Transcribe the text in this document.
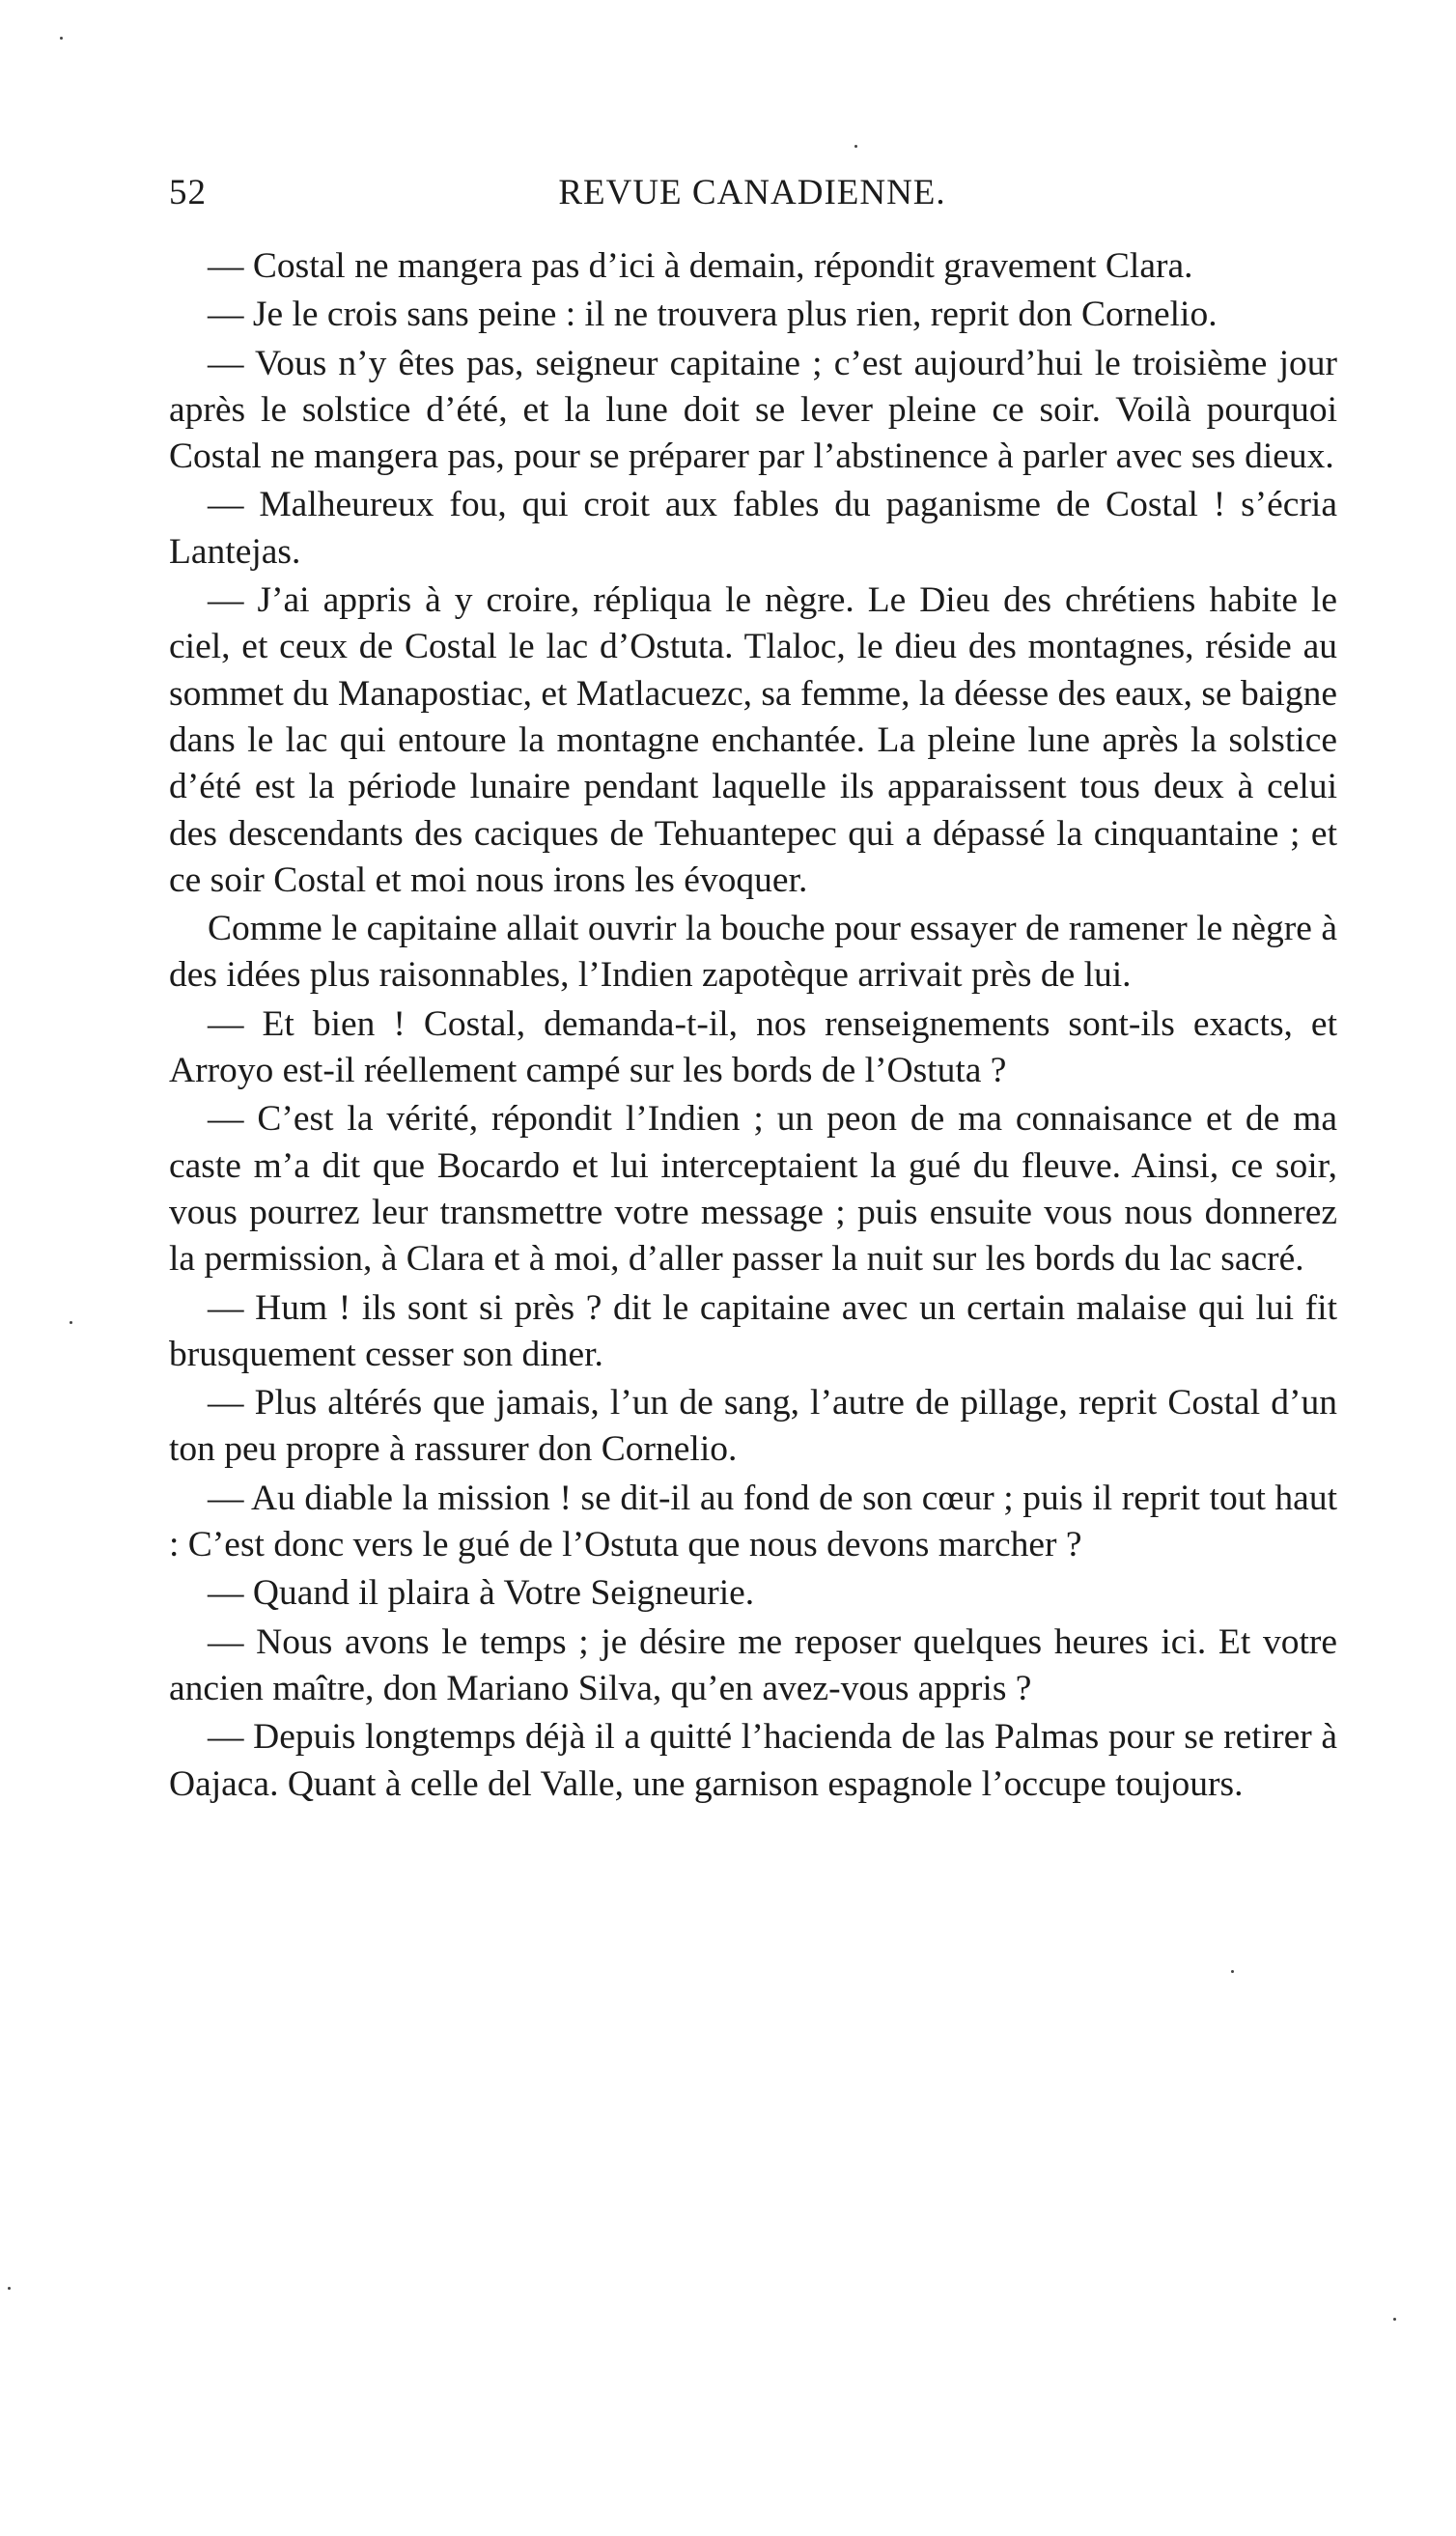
52	REVUE CANADIENNE.

— Costal ne mangera pas d’ici à demain, répondit gravement Clara.

— Je le crois sans peine : il ne trouvera plus rien, reprit don Cornelio.

— Vous n’y êtes pas, seigneur capitaine ; c’est aujourd’hui le troisième jour après le solstice d’été, et la lune doit se lever pleine ce soir. Voilà pourquoi Costal ne mangera pas, pour se préparer par l’abstinence à parler avec ses dieux.

— Malheureux fou, qui croit aux fables du paganisme de Costal ! s’écria Lantejas.

— J’ai appris à y croire, répliqua le nègre. Le Dieu des chrétiens habite le ciel, et ceux de Costal le lac d’Ostuta. Tlaloc, le dieu des montagnes, réside au sommet du Manapostiac, et Matlacuezc, sa femme, la déesse des eaux, se baigne dans le lac qui entoure la montagne enchantée. La pleine lune après la solstice d’été est la période lunaire pendant laquelle ils apparaissent tous deux à celui des descendants des caciques de Tehuantepec qui a dépassé la cinquantaine ; et ce soir Costal et moi nous irons les évoquer.

Comme le capitaine allait ouvrir la bouche pour essayer de ramener le nègre à des idées plus raisonnables, l’Indien zapotèque arrivait près de lui.

— Et bien ! Costal, demanda-t-il, nos renseignements sont-ils exacts, et Arroyo est-il réellement campé sur les bords de l’Ostuta ?

— C’est la vérité, répondit l’Indien ; un peon de ma connaisance et de ma caste m’a dit que Bocardo et lui interceptaient la gué du fleuve. Ainsi, ce soir, vous pourrez leur transmettre votre message ; puis ensuite vous nous donnerez la permission, à Clara et à moi, d’aller passer la nuit sur les bords du lac sacré.

— Hum ! ils sont si près ? dit le capitaine avec un certain malaise qui lui fit brusquement cesser son diner.

— Plus altérés que jamais, l’un de sang, l’autre de pillage, reprit Costal d’un ton peu propre à rassurer don Cornelio.

— Au diable la mission ! se dit-il au fond de son cœur ; puis il reprit tout haut : C’est donc vers le gué de l’Ostuta que nous devons marcher ?

— Quand il plaira à Votre Seigneurie.

— Nous avons le temps ; je désire me reposer quelques heures ici. Et votre ancien maître, don Mariano Silva, qu’en avez-vous appris ?

— Depuis longtemps déjà il a quitté l’hacienda de las Palmas pour se retirer à Oajaca. Quant à celle del Valle, une garnison espagnole l’occupe toujours.
